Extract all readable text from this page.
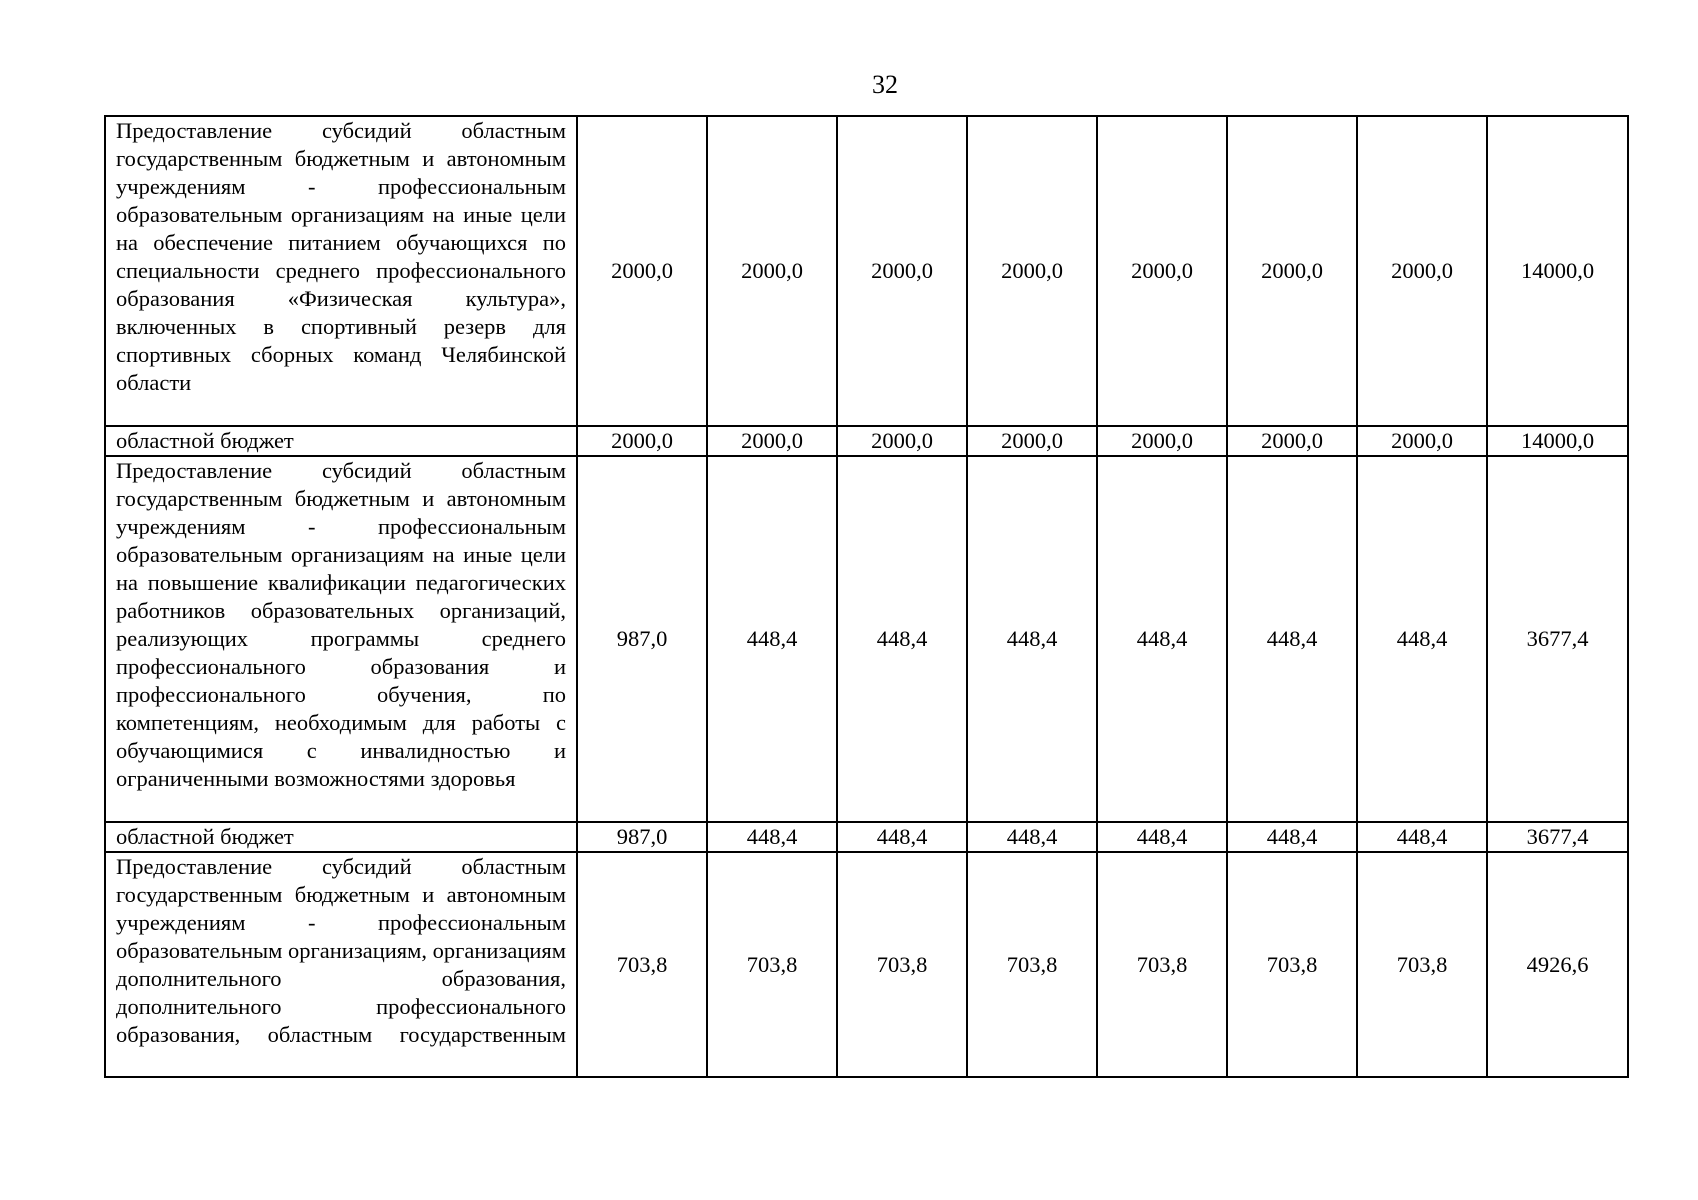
32
Предоставление субсидий областным государственным бюджетным и автономным учреждениям - профессиональным образовательным организациям на иные цели на обеспечение питанием обучающихся по специальности среднего профессионального образования «Физическая культура», включенных в спортивный резерв для спортивных сборных команд Челябинской области	2000,0	2000,0	2000,0	2000,0	2000,0	2000,0	2000,0	14000,0
областной бюджет	2000,0	2000,0	2000,0	2000,0	2000,0	2000,0	2000,0	14000,0
Предоставление субсидий областным государственным бюджетным и автономным учреждениям - профессиональным образовательным организациям на иные цели на повышение квалификации педагогических работников образовательных организаций, реализующих программы среднего профессионального образования и профессионального обучения, по компетенциям, необходимым для работы с обучающимися с инвалидностью и ограниченными возможностями здоровья	987,0	448,4	448,4	448,4	448,4	448,4	448,4	3677,4
областной бюджет	987,0	448,4	448,4	448,4	448,4	448,4	448,4	3677,4
Предоставление субсидий областным государственным бюджетным и автономным учреждениям - профессиональным образовательным организациям, организациям дополнительного образования, дополнительного профессионального образования, областным государственным	703,8	703,8	703,8	703,8	703,8	703,8	703,8	4926,6
